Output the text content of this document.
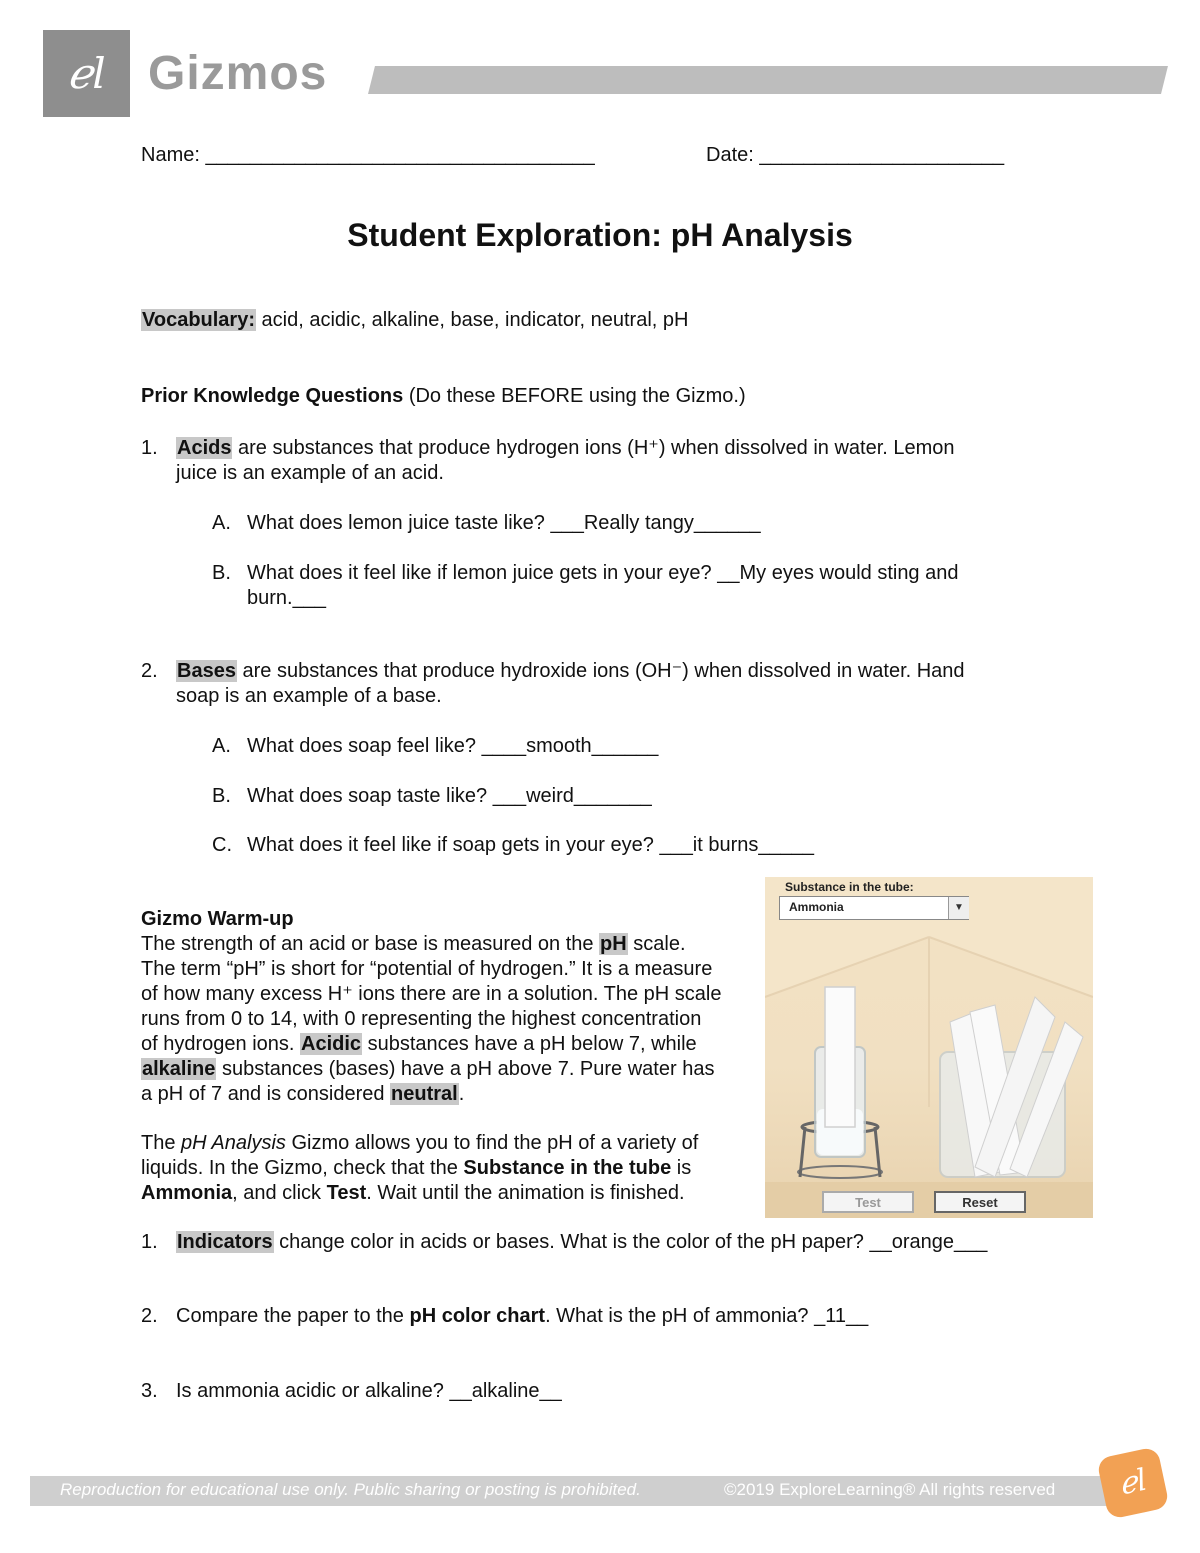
ℯl Gizmos
Name: ___________________________________	Date: ______________________
Student Exploration: pH Analysis
Vocabulary: acid, acidic, alkaline, base, indicator, neutral, pH
Prior Knowledge Questions (Do these BEFORE using the Gizmo.)
1. Acids are substances that produce hydrogen ions (H⁺) when dissolved in water. Lemon
juice is an example of an acid.
A. What does lemon juice taste like? ___Really tangy______
B. What does it feel like if lemon juice gets in your eye? __My eyes would sting and
burn.___
2. Bases are substances that produce hydroxide ions (OH⁻) when dissolved in water. Hand
soap is an example of a base.
A. What does soap feel like? ____smooth______
B. What does soap taste like? ___weird_______
C. What does it feel like if soap gets in your eye? ___it burns_____
Gizmo Warm-up
The strength of an acid or base is measured on the pH scale.
The term “pH” is short for “potential of hydrogen.” It is a measure
of how many excess H⁺ ions there are in a solution. The pH scale
runs from 0 to 14, with 0 representing the highest concentration
of hydrogen ions. Acidic substances have a pH below 7, while
alkaline substances (bases) have a pH above 7. Pure water has
a pH of 7 and is considered neutral.
The pH Analysis Gizmo allows you to find the pH of a variety of
liquids. In the Gizmo, check that the Substance in the tube is
Ammonia, and click Test. Wait until the animation is finished.
Substance in the tube:
Ammonia	▼
Test	Reset
1. Indicators change color in acids or bases. What is the color of the pH paper? __orange___
2. Compare the paper to the pH color chart. What is the pH of ammonia? _11__
3. Is ammonia acidic or alkaline? __alkaline__
Reproduction for educational use only. Public sharing or posting is prohibited.	©2019 ExploreLearning® All rights reserved	ℯl
